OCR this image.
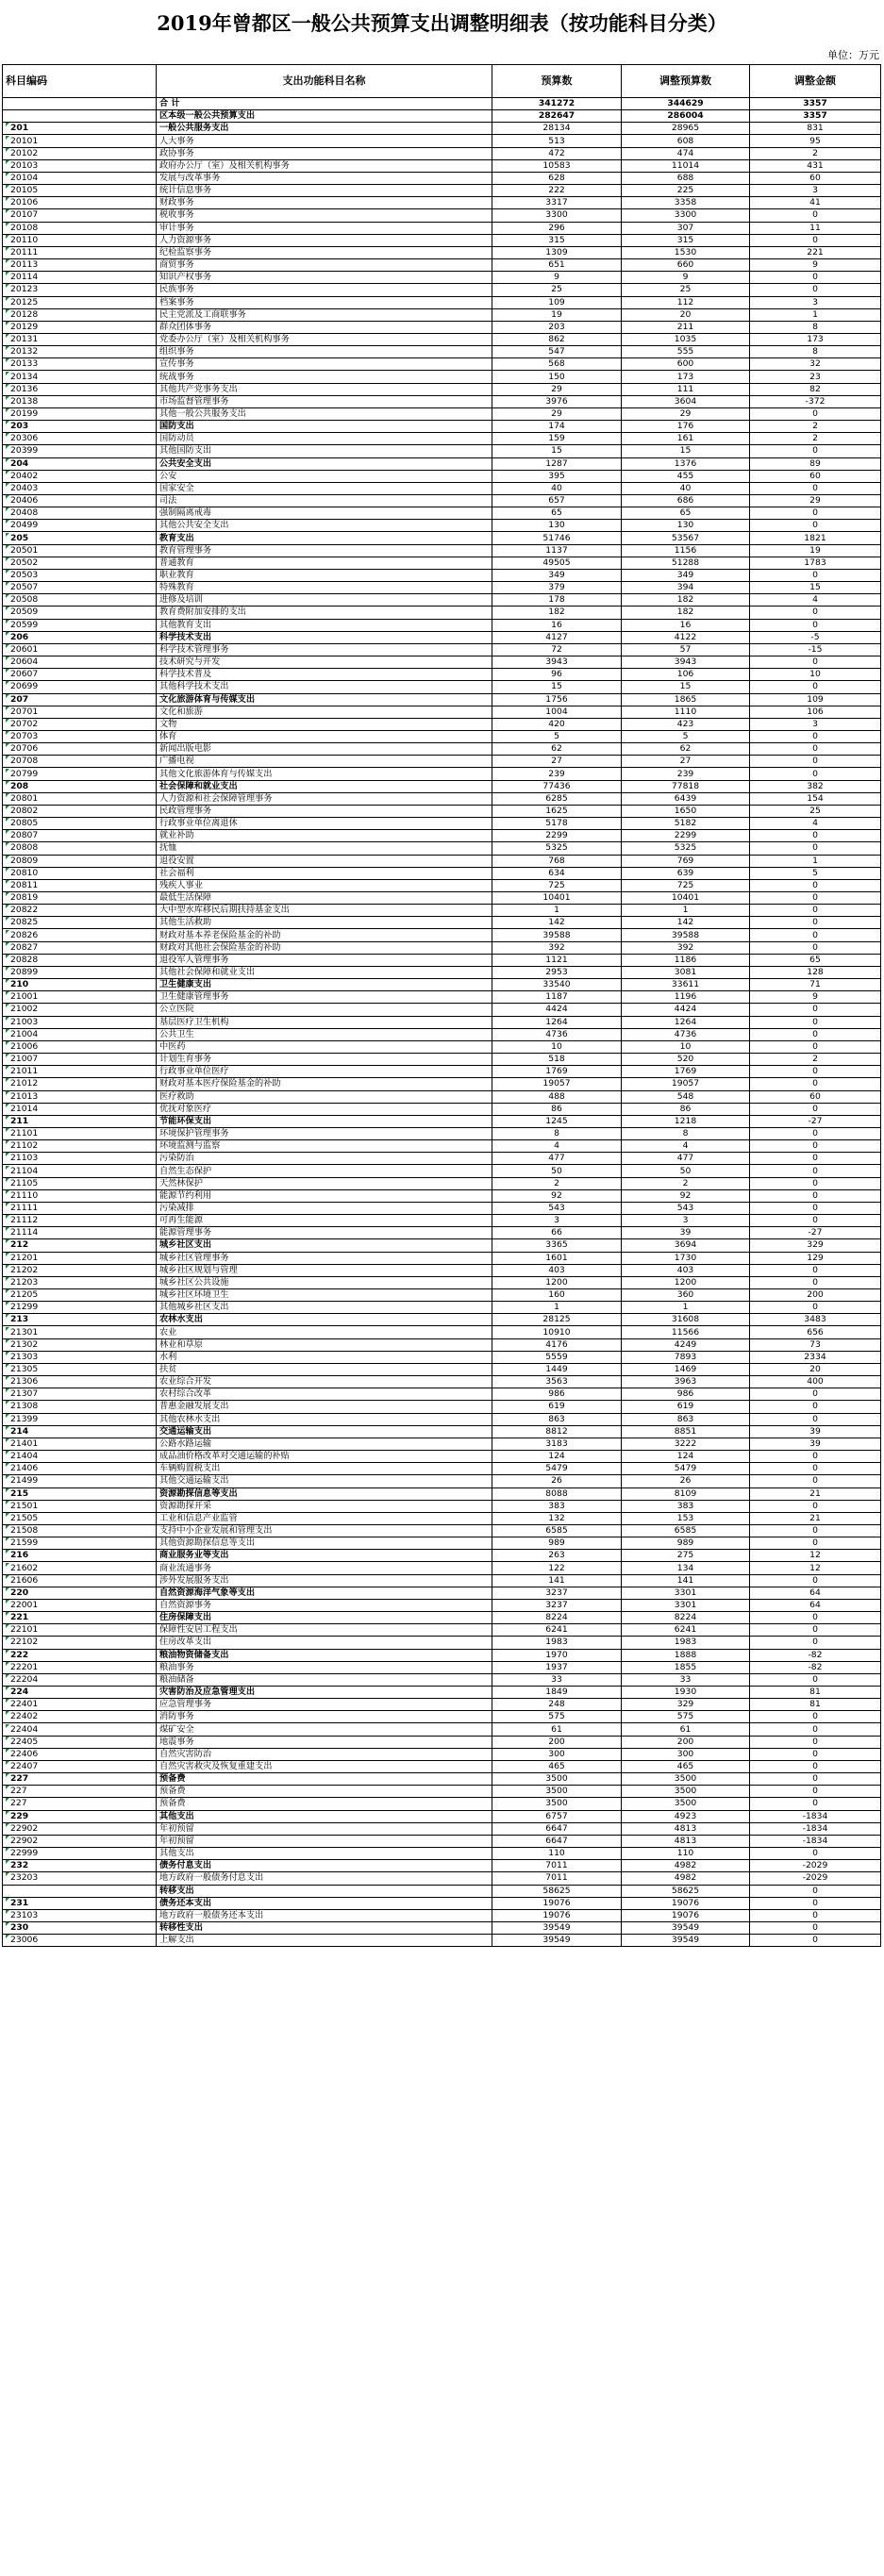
2019年曾都区一般公共预算支出调整明细表（按功能科目分类）
单位：万元
科目编码	支出功能科目名称	预算数	调整预算数	调整金额
	合 计	341272	344629	3357
	区本级一般公共预算支出	282647	286004	3357
201	一般公共服务支出	28134	28965	831
20101	人大事务	513	608	95
20102	政协事务	472	474	2
20103	政府办公厅（室）及相关机构事务	10583	11014	431
20104	发展与改革事务	628	688	60
20105	统计信息事务	222	225	3
20106	财政事务	3317	3358	41
20107	税收事务	3300	3300	0
20108	审计事务	296	307	11
20110	人力资源事务	315	315	0
20111	纪检监察事务	1309	1530	221
20113	商贸事务	651	660	9
20114	知识产权事务	9	9	0
20123	民族事务	25	25	0
20125	档案事务	109	112	3
20128	民主党派及工商联事务	19	20	1
20129	群众团体事务	203	211	8
20131	党委办公厅（室）及相关机构事务	862	1035	173
20132	组织事务	547	555	8
20133	宣传事务	568	600	32
20134	统战事务	150	173	23
20136	其他共产党事务支出	29	111	82
20138	市场监督管理事务	3976	3604	-372
20199	其他一般公共服务支出	29	29	0
203	国防支出	174	176	2
20306	国防动员	159	161	2
20399	其他国防支出	15	15	0
204	公共安全支出	1287	1376	89
20402	公安	395	455	60
20403	国家安全	40	40	0
20406	司法	657	686	29
20408	强制隔离戒毒	65	65	0
20499	其他公共安全支出	130	130	0
205	教育支出	51746	53567	1821
20501	教育管理事务	1137	1156	19
20502	普通教育	49505	51288	1783
20503	职业教育	349	349	0
20507	特殊教育	379	394	15
20508	进修及培训	178	182	4
20509	教育费附加安排的支出	182	182	0
20599	其他教育支出	16	16	0
206	科学技术支出	4127	4122	-5
20601	科学技术管理事务	72	57	-15
20604	技术研究与开发	3943	3943	0
20607	科学技术普及	96	106	10
20699	其他科学技术支出	15	15	0
207	文化旅游体育与传媒支出	1756	1865	109
20701	文化和旅游	1004	1110	106
20702	文物	420	423	3
20703	体育	5	5	0
20706	新闻出版电影	62	62	0
20708	广播电视	27	27	0
20799	其他文化旅游体育与传媒支出	239	239	0
208	社会保障和就业支出	77436	77818	382
20801	人力资源和社会保障管理事务	6285	6439	154
20802	民政管理事务	1625	1650	25
20805	行政事业单位离退休	5178	5182	4
20807	就业补助	2299	2299	0
20808	抚恤	5325	5325	0
20809	退役安置	768	769	1
20810	社会福利	634	639	5
20811	残疾人事业	725	725	0
20819	最低生活保障	10401	10401	0
20822	大中型水库移民后期扶持基金支出	1	1	0
20825	其他生活救助	142	142	0
20826	财政对基本养老保险基金的补助	39588	39588	0
20827	财政对其他社会保险基金的补助	392	392	0
20828	退役军人管理事务	1121	1186	65
20899	其他社会保障和就业支出	2953	3081	128
210	卫生健康支出	33540	33611	71
21001	卫生健康管理事务	1187	1196	9
21002	公立医院	4424	4424	0
21003	基层医疗卫生机构	1264	1264	0
21004	公共卫生	4736	4736	0
21006	中医药	10	10	0
21007	计划生育事务	518	520	2
21011	行政事业单位医疗	1769	1769	0
21012	财政对基本医疗保险基金的补助	19057	19057	0
21013	医疗救助	488	548	60
21014	优抚对象医疗	86	86	0
211	节能环保支出	1245	1218	-27
21101	环境保护管理事务	8	8	0
21102	环境监测与监察	4	4	0
21103	污染防治	477	477	0
21104	自然生态保护	50	50	0
21105	天然林保护	2	2	0
21110	能源节约利用	92	92	0
21111	污染减排	543	543	0
21112	可再生能源	3	3	0
21114	能源管理事务	66	39	-27
212	城乡社区支出	3365	3694	329
21201	城乡社区管理事务	1601	1730	129
21202	城乡社区规划与管理	403	403	0
21203	城乡社区公共设施	1200	1200	0
21205	城乡社区环境卫生	160	360	200
21299	其他城乡社区支出	1	1	0
213	农林水支出	28125	31608	3483
21301	农业	10910	11566	656
21302	林业和草原	4176	4249	73
21303	水利	5559	7893	2334
21305	扶贫	1449	1469	20
21306	农业综合开发	3563	3963	400
21307	农村综合改革	986	986	0
21308	普惠金融发展支出	619	619	0
21399	其他农林水支出	863	863	0
214	交通运输支出	8812	8851	39
21401	公路水路运输	3183	3222	39
21404	成品油价格改革对交通运输的补贴	124	124	0
21406	车辆购置税支出	5479	5479	0
21499	其他交通运输支出	26	26	0
215	资源勘探信息等支出	8088	8109	21
21501	资源勘探开采	383	383	0
21505	工业和信息产业监管	132	153	21
21508	支持中小企业发展和管理支出	6585	6585	0
21599	其他资源勘探信息等支出	989	989	0
216	商业服务业等支出	263	275	12
21602	商业流通事务	122	134	12
21606	涉外发展服务支出	141	141	0
220	自然资源海洋气象等支出	3237	3301	64
22001	自然资源事务	3237	3301	64
221	住房保障支出	8224	8224	0
22101	保障性安居工程支出	6241	6241	0
22102	住房改革支出	1983	1983	0
222	粮油物资储备支出	1970	1888	-82
22201	粮油事务	1937	1855	-82
22204	粮油储备	33	33	0
224	灾害防治及应急管理支出	1849	1930	81
22401	应急管理事务	248	329	81
22402	消防事务	575	575	0
22404	煤矿安全	61	61	0
22405	地震事务	200	200	0
22406	自然灾害防治	300	300	0
22407	自然灾害救灾及恢复重建支出	465	465	0
227	预备费	3500	3500	0
227	预备费	3500	3500	0
227	预备费	3500	3500	0
229	其他支出	6757	4923	-1834
22902	年初预留	6647	4813	-1834
22902	年初预留	6647	4813	-1834
22999	其他支出	110	110	0
232	债务付息支出	7011	4982	-2029
23203	地方政府一般债务付息支出	7011	4982	-2029
	转移支出	58625	58625	0
231	债务还本支出	19076	19076	0
23103	地方政府一般债务还本支出	19076	19076	0
230	转移性支出	39549	39549	0
23006	上解支出	39549	39549	0
